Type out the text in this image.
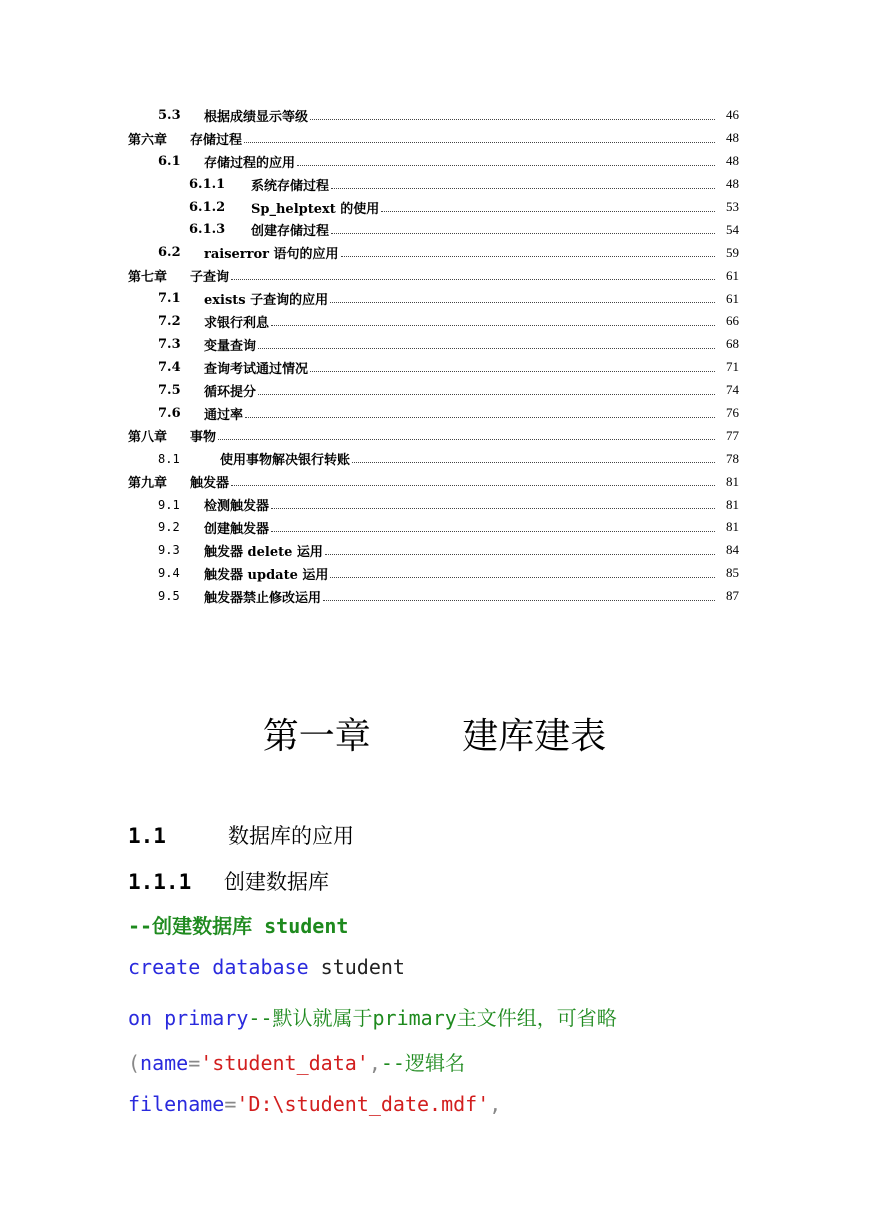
5.3	根据成绩显示等级	46
第六章	存储过程	48
6.1	存储过程的应用	48
6.1.1	系统存储过程	48
6.1.2	Sp_helptext 的使用	53
6.1.3	创建存储过程	54
6.2	raiserror 语句的应用	59
第七章	子查询	61
7.1	exists 子查询的应用	61
7.2	求银行利息	66
7.3	变量查询	68
7.4	查询考试通过情况	71
7.5	循环提分	74
7.6	通过率	76
第八章	事物	77
8.1	使用事物解决银行转账	78
第九章	触发器	81
9.1	检测触发器	81
9.2	创建触发器	81
9.3	触发器 delete 运用	84
9.4	触发器 update 运用	85
9.5	触发器禁止修改运用	87
第一章	建库建表
1.1	数据库的应用
1.1.1 创建数据库
--创建数据库 student
create database student
on primary--默认就属于primary主文件组，可省略
(name='student_data',--逻辑名
filename='D:\student_date.mdf',
